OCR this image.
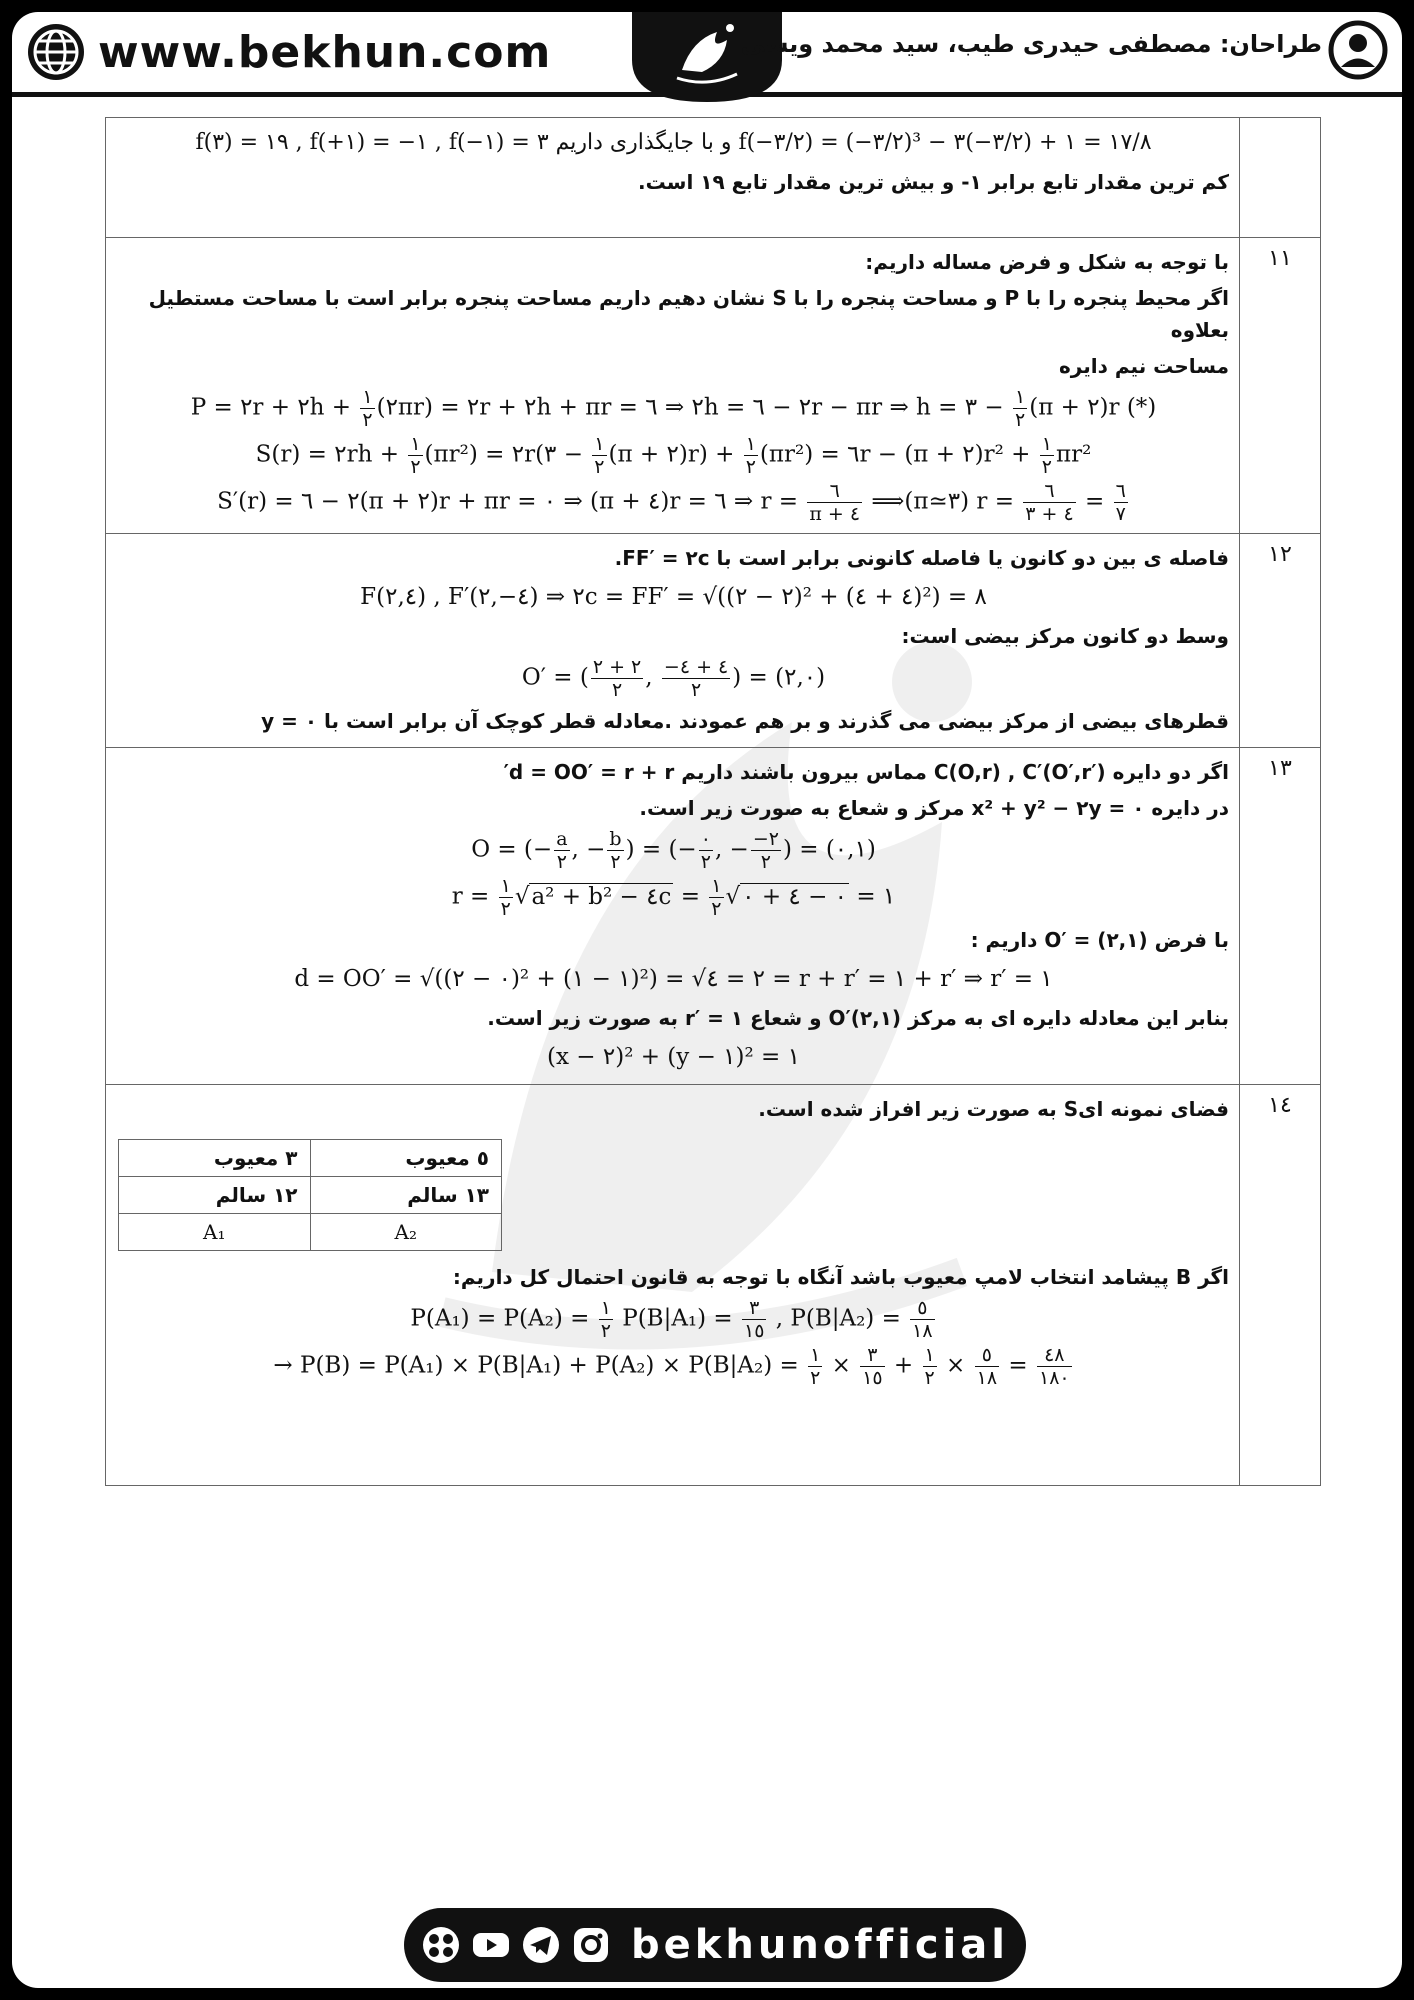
www.bekhun.com	طراحان: مصطفی حیدری طیب، سید محمد ویسی

f(−۳/۲) = (−۳/۲)³ − ۳(−۳/۲) + ۱ = ۱۷/۸ و با جایگذاری داریم f(۳) = ۱۹ , f(+۱) = −۱ , f(−۱) = ۳
کم ترین مقدار تابع برابر ۱- و بیش ترین مقدار تابع ۱۹ است.

۱۱	
با توجه به شکل و فرض مساله داریم:
اگر محیط پنجره را با P و مساحت پنجره را با S نشان دهیم داریم مساحت پنجره برابر است با مساحت مستطیل بعلاوه
مساحت نیم دایره
P = ۲r + ۲h + $\frac{۱}{۲}$ (۲πr) = ۲r + ۲h + πr = ٦ ⇒ ۲h = ٦ − ۲r − πr ⇒ h = ۳ − $\frac{۱}{۲} (\pi$ + ۲)r (*)
S(r) = ۲rh + $\frac{۱}{۲} (\pi r^2)$ = ۲r(۳ − $\frac{۱}{۲} (\pi$ + ۲)r) + $\frac{۱}{۲} (\pi r^2)$ = ٦r − (π + ۲)r² + $\frac{۱}{۲} \pi r^2$
S′(r) = ٦ − ۲(π + ۲)r + πr = ۰ ⇒ (π + ٤)r = ٦ ⇒ $r = \frac{٦}{\pi + ٤}$ ⟹(π≃۳) $r = \frac{٦}{۳ + ٤} = \frac{٦}{۷}$

۱۲	
فاصله ی بین دو کانون یا فاصله کانونی برابر است با FF′ = ۲c.
F(۲,٤) , F′(۲,−٤) ⇒ ۲c = FF′ = √((۲ − ۲)² + (٤ + ٤)²) = ۸
وسط دو کانون مرکز بیضی است:
O′ = ( $\frac{۲ + ۲}{۲}$ , $\frac{-٤ + ٤}{۲}$ ) = (۲,۰)
قطرهای بیضی از مرکز بیضی می گذرند و بر هم عمودند .معادله قطر کوچک آن برابر است با y = ۰

۱۳	
اگر دو دایره C(O,r) , C′(O′,r′) مماس بیرون باشند داریم d = OO′ = r + r′
در دایره x² + y² − ۲y = ۰ مرکز و شعاع به صورت زیر است.
O = (− $\frac{a}{۲}$ , − $\frac{b}{۲}$ ) = (− $\frac{۰}{۲}$ , − $\frac{-۲}{۲}$ ) = (۰,۱)
$r = \frac{۱}{۲} √a^2 + b^2$ − ٤c = $\frac{۱}{۲}$ √۰ + ٤ − ۰ = ۱
با فرض O′ = (۲,۱) داریم :
d = OO′ = √((۲ − ۰)² + (۱ − ۱)²) = √٤ = ۲ = r + r′ = ۱ + r′ ⇒ r′ = ۱
بنابر این معادله دایره ای به مرکز O′(۲,۱) و شعاع r′ = ۱ به صورت زیر است.
(x − ۲)² + (y − ۱)² = ۱

۱٤	
فضای نمونه ایS به صورت زیر افراز شده است.
۳ معیوب	٥ معیوب
۱۲ سالم	۱۳ سالم
A₁	A₂
اگر B پیشامد انتخاب لامپ معیوب باشد آنگاه با توجه به قانون احتمال کل داریم:
$P(A_1) = P(A_2) = \frac{۱}{۲} P(B|A_1) = \frac{۳}{۱٥}$ , $P(B|A_2) = \frac{٥}{۱۸}$
→ $P(B) = P(A_1) \times P(B|A_1) + P(A_2) \times P(B|A_2) = \frac{۱}{۲} \times \frac{۳}{۱٥} + \frac{۱}{۲} \times \frac{٥}{۱۸} = \frac{٤۸}{۱۸۰}$
bekhunofficial
